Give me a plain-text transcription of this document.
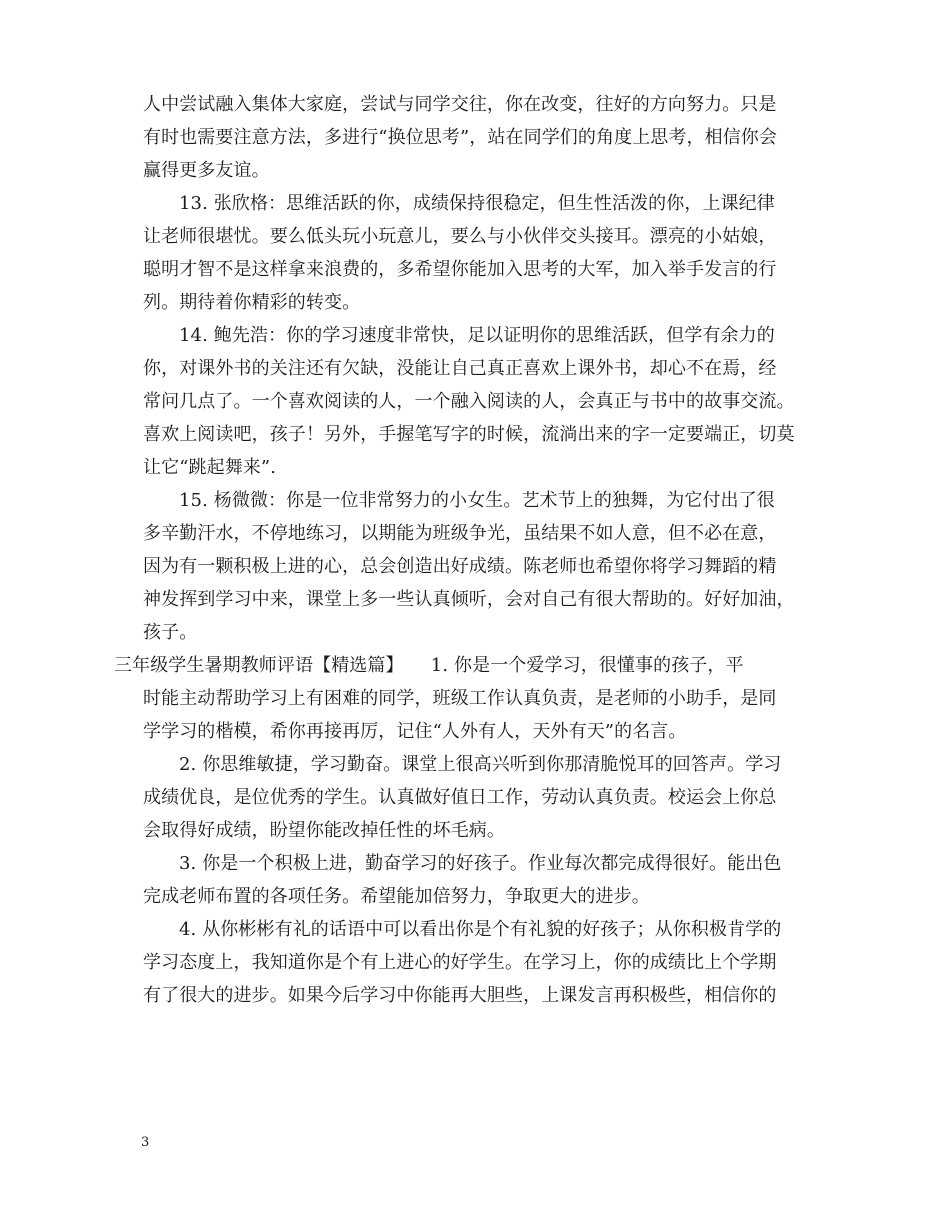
人中尝试融入集体大家庭，尝试与同学交往，你在改变，往好的方向努力。只是
有时也需要注意方法，多进行“换位思考”，站在同学们的角度上思考，相信你会
赢得更多友谊。
13. 张欣格：思维活跃的你，成绩保持很稳定，但生性活泼的你，上课纪律
让老师很堪忧。要么低头玩小玩意儿，要么与小伙伴交头接耳。漂亮的小姑娘，
聪明才智不是这样拿来浪费的，多希望你能加入思考的大军，加入举手发言的行
列。期待着你精彩的转变。
14. 鲍先浩：你的学习速度非常快，足以证明你的思维活跃，但学有余力的
你，对课外书的关注还有欠缺，没能让自己真正喜欢上课外书，却心不在焉，经
常问几点了。一个喜欢阅读的人，一个融入阅读的人，会真正与书中的故事交流。
喜欢上阅读吧，孩子！另外，手握笔写字的时候，流淌出来的字一定要端正，切莫
让它“跳起舞来”.
15. 杨微微：你是一位非常努力的小女生。艺术节上的独舞，为它付出了很
多辛勤汗水，不停地练习，以期能为班级争光，虽结果不如人意，但不必在意，
因为有一颗积极上进的心，总会创造出好成绩。陈老师也希望你将学习舞蹈的精
神发挥到学习中来，课堂上多一些认真倾听，会对自己有很大帮助的。好好加油，
孩子。
三年级学生暑期教师评语【精选篇】　　1. 你是一个爱学习，很懂事的孩子，平
时能主动帮助学习上有困难的同学，班级工作认真负责，是老师的小助手，是同
学学习的楷模，希你再接再厉，记住“人外有人，天外有天”的名言。
2. 你思维敏捷，学习勤奋。课堂上很高兴听到你那清脆悦耳的回答声。学习
成绩优良，是位优秀的学生。认真做好值日工作，劳动认真负责。校运会上你总
会取得好成绩，盼望你能改掉任性的坏毛病。
3. 你是一个积极上进，勤奋学习的好孩子。作业每次都完成得很好。能出色
完成老师布置的各项任务。希望能加倍努力，争取更大的进步。
4. 从你彬彬有礼的话语中可以看出你是个有礼貌的好孩子；从你积极肯学的
学习态度上，我知道你是个有上进心的好学生。在学习上，你的成绩比上个学期
有了很大的进步。如果今后学习中你能再大胆些，上课发言再积极些，相信你的
3
